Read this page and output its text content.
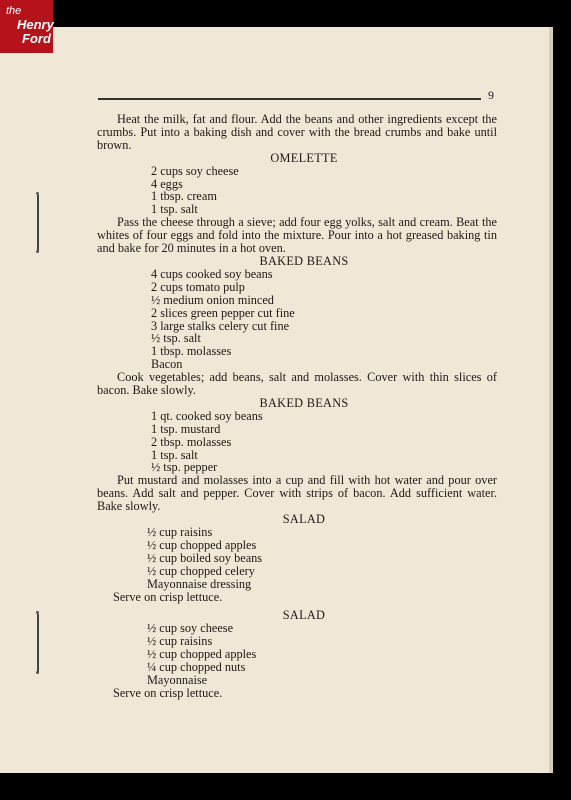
the
Henry
Ford
9

Heat the milk, fat and flour. Add the beans and other ingredients except the crumbs. Put into a baking dish and cover with the bread crumbs and bake until brown.

OMELETTE

2 cups soy cheese

4 eggs

1 tbsp. cream

1 tsp. salt

Pass the cheese through a sieve; add four egg yolks, salt and cream. Beat the whites of four eggs and fold into the mixture. Pour into a hot greased baking tin and bake for 20 minutes in a hot oven.

BAKED BEANS

4 cups cooked soy beans

2 cups tomato pulp

½ medium onion minced

2 slices green pepper cut fine

3 large stalks celery cut fine

½ tsp. salt

1 tbsp. molasses

Bacon

Cook vegetables; add beans, salt and molasses. Cover with thin slices of bacon. Bake slowly.

BAKED BEANS

1 qt. cooked soy beans

1 tsp. mustard

2 tbsp. molasses

1 tsp. salt

½ tsp. pepper

Put mustard and molasses into a cup and fill with hot water and pour over beans. Add salt and pepper. Cover with strips of bacon. Add sufficient water. Bake slowly.

SALAD

½ cup raisins

½ cup chopped apples

½ cup boiled soy beans

½ cup chopped celery

Mayonnaise dressing

Serve on crisp lettuce.

SALAD

½ cup soy cheese

½ cup raisins

½ cup chopped apples

¼ cup chopped nuts

Mayonnaise

Serve on crisp lettuce.
